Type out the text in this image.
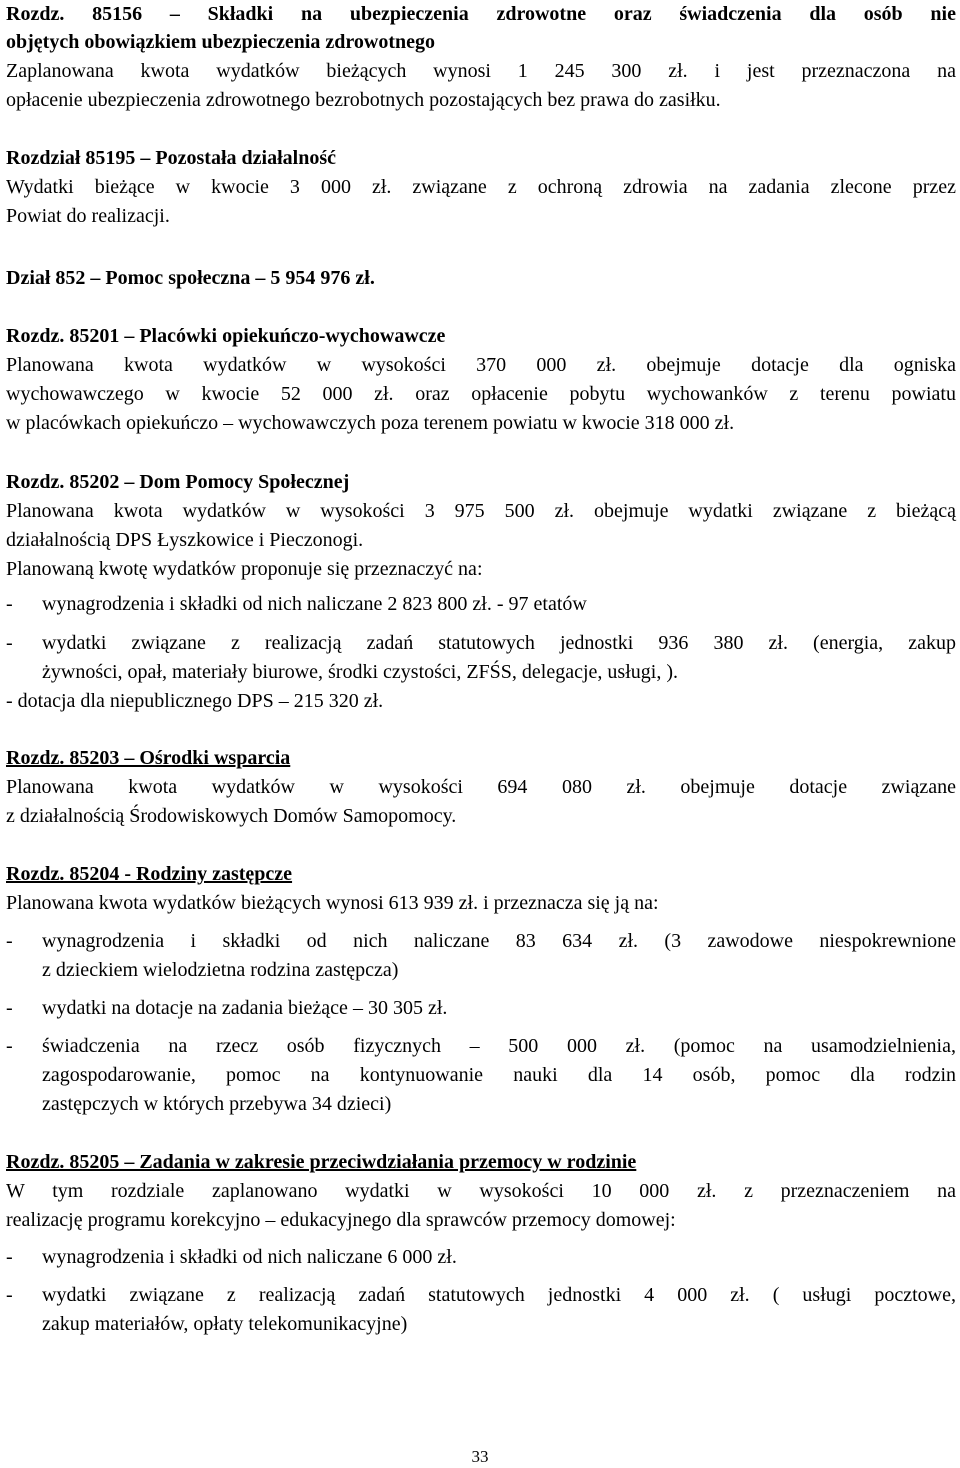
Rozdz. 85156 – Składki na ubezpieczenia zdrowotne oraz świadczenia dla osób nie
objętych obowiązkiem ubezpieczenia zdrowotnego
Zaplanowana kwota wydatków bieżących wynosi 1 245 300 zł. i jest przeznaczona na
opłacenie ubezpieczenia zdrowotnego bezrobotnych pozostających bez prawa do zasiłku.
Rozdział 85195 – Pozostała działalność
Wydatki bieżące w kwocie 3 000 zł. związane z ochroną zdrowia na zadania zlecone przez
Powiat do realizacji.
Dział 852 – Pomoc społeczna – 5 954 976 zł.
Rozdz. 85201 – Placówki opiekuńczo-wychowawcze
Planowana kwota wydatków w wysokości 370 000 zł. obejmuje dotacje dla ogniska
wychowawczego w kwocie 52 000 zł. oraz opłacenie pobytu wychowanków z terenu powiatu
w placówkach opiekuńczo – wychowawczych poza terenem powiatu w kwocie 318 000 zł.
Rozdz. 85202 – Dom Pomocy Społecznej
Planowana kwota wydatków w wysokości 3 975 500 zł. obejmuje wydatki związane z bieżącą
działalnością DPS Łyszkowice i Pieczonogi.
Planowaną kwotę wydatków proponuje się przeznaczyć na:
-	wynagrodzenia i składki od nich naliczane 2 823 800 zł. - 97 etatów
-	wydatki związane z realizacją zadań statutowych jednostki 936 380 zł. (energia, zakup
żywności, opał, materiały biurowe, środki czystości, ZFŚS, delegacje, usługi, ).
- dotacja dla niepublicznego DPS – 215 320 zł.
Rozdz. 85203 – Ośrodki wsparcia
Planowana kwota wydatków w wysokości 694 080 zł. obejmuje dotacje związane
z działalnością Środowiskowych Domów Samopomocy.
Rozdz. 85204 - Rodziny zastępcze
Planowana kwota wydatków bieżących wynosi 613 939 zł. i przeznacza się ją na:
-	wynagrodzenia i składki od nich naliczane 83 634 zł. (3 zawodowe niespokrewnione
z dzieckiem wielodzietna rodzina zastępcza)
-	wydatki na dotacje na zadania bieżące – 30 305 zł.
-	świadczenia na rzecz osób fizycznych – 500 000 zł. (pomoc na usamodzielnienia,
zagospodarowanie, pomoc na kontynuowanie nauki dla 14 osób, pomoc dla rodzin
zastępczych w których przebywa 34 dzieci)
Rozdz. 85205 – Zadania w zakresie przeciwdziałania przemocy w rodzinie
W tym rozdziale zaplanowano wydatki w wysokości 10 000 zł. z przeznaczeniem na
realizację programu korekcyjno – edukacyjnego dla sprawców przemocy domowej:
-	wynagrodzenia i składki od nich naliczane 6 000 zł.
-	wydatki związane z realizacją zadań statutowych jednostki 4 000 zł. ( usługi pocztowe,
zakup materiałów, opłaty telekomunikacyjne)
33
